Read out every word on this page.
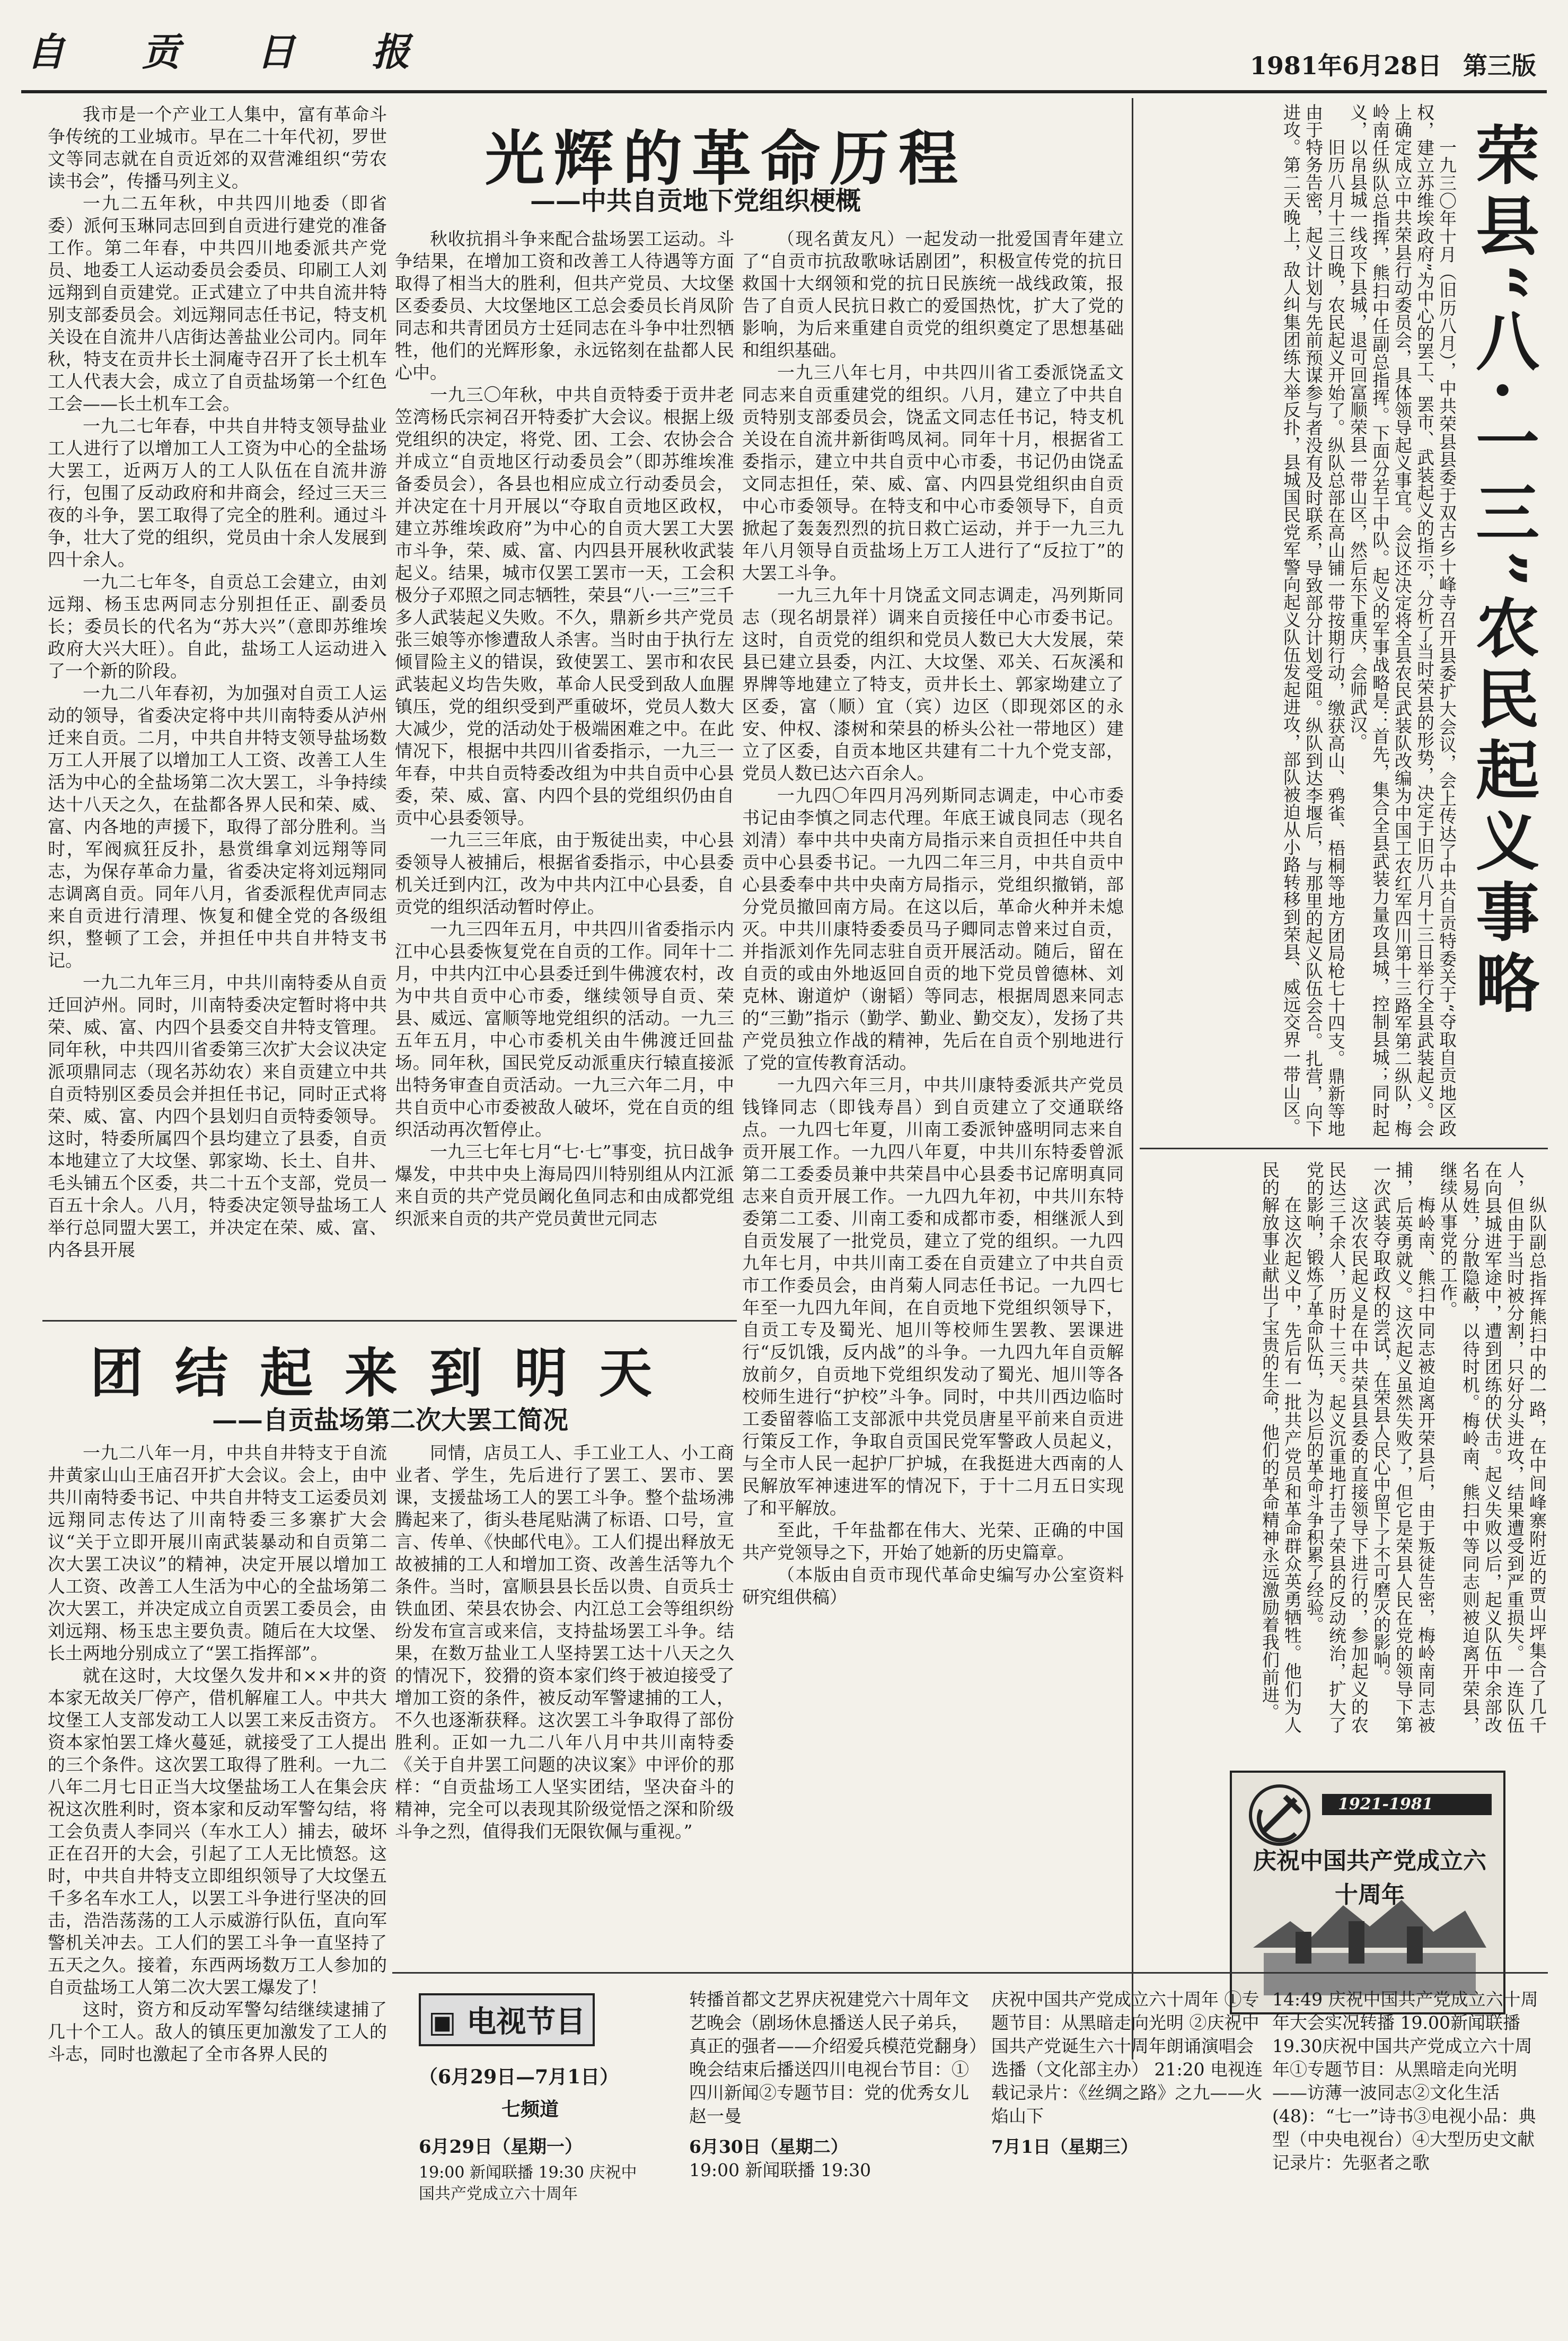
自 贡 日 报	1981年6月28日 第三版
光辉的革命历程
——中共自贡地下党组织梗概

我市是一个产业工人集中，富有革命斗争传统的工业城市。早在二十年代初，罗世文等同志就在自贡近郊的双营滩组织“劳农读书会”，传播马列主义。

一九二五年秋，中共四川地委（即省委）派何玉琳同志回到自贡进行建党的准备工作。第二年春，中共四川地委派共产党员、地委工人运动委员会委员、印刷工人刘远翔到自贡建党。正式建立了中共自流井特别支部委员会。刘远翔同志任书记，特支机关设在自流井八店街达善盐业公司内。同年秋，特支在贡井长土洞庵寺召开了长土机车工人代表大会，成立了自贡盐场第一个红色工会——长土机车工会。

一九二七年春，中共自井特支领导盐业工人进行了以增加工人工资为中心的全盐场大罢工，近两万人的工人队伍在自流井游行，包围了反动政府和井商会，经过三天三夜的斗争，罢工取得了完全的胜利。通过斗争，壮大了党的组织，党员由十余人发展到四十余人。

一九二七年冬，自贡总工会建立，由刘远翔、杨玉忠两同志分别担任正、副委员长；委员长的代名为“苏大兴”（意即苏维埃政府大兴大旺）。自此，盐场工人运动进入了一个新的阶段。

一九二八年春初，为加强对自贡工人运动的领导，省委决定将中共川南特委从泸州迁来自贡。二月，中共自井特支领导盐场数万工人开展了以增加工人工资、改善工人生活为中心的全盐场第二次大罢工，斗争持续达十八天之久，在盐都各界人民和荣、威、富、内各地的声援下，取得了部分胜利。当时，军阀疯狂反扑，悬赏缉拿刘远翔等同志，为保存革命力量，省委决定将刘远翔同志调离自贡。同年八月，省委派程优声同志来自贡进行清理、恢复和健全党的各级组织，整顿了工会，并担任中共自井特支书记。

一九二九年三月，中共川南特委从自贡迁回泸州。同时，川南特委决定暂时将中共荣、威、富、内四个县委交自井特支管理。同年秋，中共四川省委第三次扩大会议决定派项鼎同志（现名苏幼农）来自贡建立中共自贡特别区委员会并担任书记，同时正式将荣、威、富、内四个县划归自贡特委领导。这时，特委所属四个县均建立了县委，自贡本地建立了大坟堡、郭家坳、长土、自井、毛头铺五个区委，共二十五个支部，党员一百五十余人。八月，特委决定领导盐场工人举行总同盟大罢工，并决定在荣、威、富、内各县开展

秋收抗捐斗争来配合盐场罢工运动。斗争结果，在增加工资和改善工人待遇等方面取得了相当大的胜利，但共产党员、大坟堡区委委员、大坟堡地区工总会委员长肖凤阶同志和共青团员方士廷同志在斗争中壮烈牺牲，他们的光辉形象，永远铭刻在盐都人民心中。

一九三〇年秋，中共自贡特委于贡井老笠湾杨氏宗祠召开特委扩大会议。根据上级党组织的决定，将党、团、工会、农协会合并成立“自贡地区行动委员会”（即苏维埃准备委员会），各县也相应成立行动委员会，并决定在十月开展以“夺取自贡地区政权，建立苏维埃政府”为中心的自贡大罢工大罢市斗争，荣、威、富、内四县开展秋收武装起义。结果，城市仅罢工罢市一天，工会积极分子邓照之同志牺牲，荣县“八·一三”三千多人武装起义失败。不久，鼎新乡共产党员张三娘等亦惨遭敌人杀害。当时由于执行左倾冒险主义的错误，致使罢工、罢市和农民武装起义均告失败，革命人民受到敌人血腥镇压，党的组织受到严重破坏，党员人数大大减少，党的活动处于极端困难之中。在此情况下，根据中共四川省委指示，一九三一年春，中共自贡特委改组为中共自贡中心县委，荣、威、富、内四个县的党组织仍由自贡中心县委领导。

一九三三年底，由于叛徒出卖，中心县委领导人被捕后，根据省委指示，中心县委机关迁到内江，改为中共内江中心县委，自贡党的组织活动暂时停止。

一九三四年五月，中共四川省委指示内江中心县委恢复党在自贡的工作。同年十二月，中共内江中心县委迁到牛佛渡农村，改为中共自贡中心市委，继续领导自贡、荣县、威远、富顺等地党组织的活动。一九三五年五月，中心市委机关由牛佛渡迁回盐场。同年秋，国民党反动派重庆行辕直接派出特务审查自贡活动。一九三六年二月，中共自贡中心市委被敌人破坏，党在自贡的组织活动再次暂停止。

一九三七年七月“七·七”事变，抗日战争爆发，中共中央上海局四川特别组从内江派来自贡的共产党员阚化鱼同志和由成都党组织派来自贡的共产党员黄世元同志

（现名黄友凡）一起发动一批爱国青年建立了“自贡市抗敌歌咏话剧团”，积极宣传党的抗日救国十大纲领和党的抗日民族统一战线政策，报告了自贡人民抗日救亡的爱国热忱，扩大了党的影响，为后来重建自贡党的组织奠定了思想基础和组织基础。

一九三八年七月，中共四川省工委派饶孟文同志来自贡重建党的组织。八月，建立了中共自贡特别支部委员会，饶孟文同志任书记，特支机关设在自流井新街鸣凤祠。同年十月，根据省工委指示，建立中共自贡中心市委，书记仍由饶孟文同志担任，荣、威、富、内四县党组织由自贡中心市委领导。在特支和中心市委领导下，自贡掀起了轰轰烈烈的抗日救亡运动，并于一九三九年八月领导自贡盐场上万工人进行了“反拉丁”的大罢工斗争。

一九三九年十月饶孟文同志调走，冯列斯同志（现名胡景祥）调来自贡接任中心市委书记。这时，自贡党的组织和党员人数已大大发展，荣县已建立县委，内江、大坟堡、邓关、石灰溪和界牌等地建立了特支，贡井长土、郭家坳建立了区委，富（顺）宜（宾）边区（即现郊区的永安、仲权、漆树和荣县的桥头公社一带地区）建立了区委，自贡本地区共建有二十九个党支部，党员人数已达六百余人。

一九四〇年四月冯列斯同志调走，中心市委书记由李慎之同志代理。年底王诚良同志（现名刘清）奉中共中央南方局指示来自贡担任中共自贡中心县委书记。一九四二年三月，中共自贡中心县委奉中共中央南方局指示，党组织撤销，部分党员撤回南方局。在这以后，革命火种并未熄灭。中共川康特委委员马子卿同志曾来过自贡，并指派刘作先同志驻自贡开展活动。随后，留在自贡的或由外地返回自贡的地下党员曾德林、刘克林、谢道炉（谢韬）等同志，根据周恩来同志的“三勤”指示（勤学、勤业、勤交友），发扬了共产党员独立作战的精神，先后在自贡个别地进行了党的宣传教育活动。

一九四六年三月，中共川康特委派共产党员钱锋同志（即钱寿昌）到自贡建立了交通联络点。一九四七年夏，川南工委派钟盛明同志来自贡开展工作。一九四八年夏，中共川东特委曾派第二工委委员兼中共荣昌中心县委书记席明真同志来自贡开展工作。一九四九年初，中共川东特委第二工委、川南工委和成都市委，相继派人到自贡发展了一批党员，建立了党的组织。一九四九年七月，中共川南工委在自贡建立了中共自贡市工作委员会，由肖菊人同志任书记。一九四七年至一九四九年间，在自贡地下党组织领导下，自贡工专及蜀光、旭川等校师生罢教、罢课进行“反饥饿，反内战”的斗争。一九四九年自贡解放前夕，自贡地下党组织发动了蜀光、旭川等各校师生进行“护校”斗争。同时，中共川西边临时工委留蓉临工支部派中共党员唐星平前来自贡进行策反工作，争取自贡国民党军警政人员起义，与全市人民一起护厂护城，在我挺进大西南的人民解放军神速进军的情况下，于十二月五日实现了和平解放。

至此，千年盐都在伟大、光荣、正确的中国共产党领导之下，开始了她新的历史篇章。

（本版由自贡市现代革命史编写办公室资料研究组供稿）

团结起来到明天
——自贡盐场第二次大罢工简况

一九二八年一月，中共自井特支于自流井黄家山山王庙召开扩大会议。会上，由中共川南特委书记、中共自井特支工运委员刘远翔同志传达了川南特委三多寨扩大会议“关于立即开展川南武装暴动和自贡第二次大罢工决议”的精神，决定开展以增加工人工资、改善工人生活为中心的全盐场第二次大罢工，并决定成立自贡罢工委员会，由刘远翔、杨玉忠主要负责。随后在大坟堡、长土两地分别成立了“罢工指挥部”。

就在这时，大坟堡久发井和××井的资本家无故关厂停产，借机解雇工人。中共大坟堡工人支部发动工人以罢工来反击资方。资本家怕罢工烽火蔓延，就接受了工人提出的三个条件。这次罢工取得了胜利。一九二八年二月七日正当大坟堡盐场工人在集会庆祝这次胜利时，资本家和反动军警勾结，将工会负责人李同兴（车水工人）捕去，破坏正在召开的大会，引起了工人无比愤怒。这时，中共自井特支立即组织领导了大坟堡五千多名车水工人，以罢工斗争进行坚决的回击，浩浩荡荡的工人示威游行队伍，直向军警机关冲去。工人们的罢工斗争一直坚持了五天之久。接着，东西两场数万工人参加的自贡盐场工人第二次大罢工爆发了！

这时，资方和反动军警勾结继续逮捕了几十个工人。敌人的镇压更加激发了工人的斗志，同时也激起了全市各界人民的

同情，店员工人、手工业工人、小工商业者、学生，先后进行了罢工、罢市、罢课，支援盐场工人的罢工斗争。整个盐场沸腾起来了，街头巷尾贴满了标语、口号，宣言、传单、《快邮代电》。工人们提出释放无故被捕的工人和增加工资、改善生活等九个条件。当时，富顺县县长岳以贵、自贡兵士铁血团、荣县农协会、内江总工会等组织纷纷发布宣言或来信，支持盐场罢工斗争。结果，在数万盐业工人坚持罢工达十八天之久的情况下，狡猾的资本家们终于被迫接受了增加工资的条件，被反动军警逮捕的工人，不久也逐渐获释。这次罢工斗争取得了部份胜利。正如一九二八年八月中共川南特委《关于自井罢工问题的决议案》中评价的那样：“自贡盐场工人坚实团结，坚决奋斗的精神，完全可以表现其阶级觉悟之深和阶级斗争之烈，值得我们无限钦佩与重视。”

荣县“八·一三”农民起义事略

一九三〇年十月（旧历八月），中共荣县县委于双古乡十峰寺召开县委扩大会议，会上传达了中共自贡特委关于“夺取自贡地区政权，建立苏维埃政府”为中心的罢工、罢市、武装起义的指示，分析了当时荣县的形势，决定于旧历八月十三日举行全县武装起义。会上确定成立中共荣县行动委员会，具体领导起义事宜。会议还决定将全县农民武装队改编为中国工农红军四川第十三路军第二纵队，梅岭南任纵队总指挥，熊扫中任副总指挥。下面分若干中队。起义的军事战略是：首先，集合全县武装力量攻县城，控制县城；同时起义，以帛县城一线攻下县城，退可回富顺荣县一带山区，然后东下重庆，会师武汉。

旧历八月十三日晚，农民起义开始了。纵队总部在高山铺一带按期行动，缴获高山、鸦雀、梧桐等地方团局枪七十四支。鼎新等地由于特务告密，起义计划与先前预谋参与者没有及时联系，导致部分计划受阻。纵队到达李堰后，与那里的起义队伍会合。扎营，向下进攻。第二天晚上，敌人纠集团练大举反扑，县城国民党军警向起义队伍发起进攻，部队被迫从小路转移到荣县、威远交界一带山区。

纵队副总指挥熊扫中的一路，在中间峰寨附近的贾山坪集合了几千人，但由于当时被分割，只好分头进攻，结果遭受到严重损失。一连队伍在向县城进军途中，遭到团练的伏击。起义失败以后，起义队伍中余部改名易姓，分散隐蔽，以待时机。梅岭南、熊扫中等同志则被迫离开荣县，继续从事党的工作。

梅岭南、熊扫中同志被迫离开荣县后，由于叛徒告密，梅岭南同志被捕，后英勇就义。这次起义虽然失败了，但它是荣县人民在党的领导下第一次武装夺取政权的尝试，在荣县人民心中留下了不可磨灭的影响。

这次农民起义是在中共荣县县委的直接领导下进行的，参加起义的农民达三千余人，历时十三天。起义沉重地打击了荣县的反动统治，扩大了党的影响，锻炼了革命队伍，为以后的革命斗争积累了经验。

在这次起义中，先后有一批共产党员和革命群众英勇牺牲。他们为人民的解放事业献出了宝贵的生命，他们的革命精神永远激励着我们前进。

1921-1981
庆祝中国共产党成立六十周年
▣ 电视节目
（6月29日—7月1日）
七频道
6月29日（星期一）
19:00 新闻联播 19:30 庆祝中国共产党成立六十周年

转播首都文艺界庆祝建党六十周年文艺晚会（剧场休息播送人民子弟兵，真正的强者——介绍爱兵模范党翻身）晚会结束后播送四川电视台节目：①四川新闻②专题节目：党的优秀女儿赵一曼

6月30日（星期二）

19:00 新闻联播 19:30

庆祝中国共产党成立六十周年 ①专题节目：从黑暗走向光明 ②庆祝中国共产党诞生六十周年朗诵演唱会选播（文化部主办） 21:20 电视连载记录片：《丝绸之路》之九——火焰山下

7月1日（星期三）

14:49 庆祝中国共产党成立六十周年大会实况转播 19.00新闻联播 19.30庆祝中国共产党成立六十周年①专题节目：从黑暗走向光明——访薄一波同志②文化生活(48)：“七一”诗书③电视小品：典型（中央电视台）④大型历史文献记录片：先驱者之歌
